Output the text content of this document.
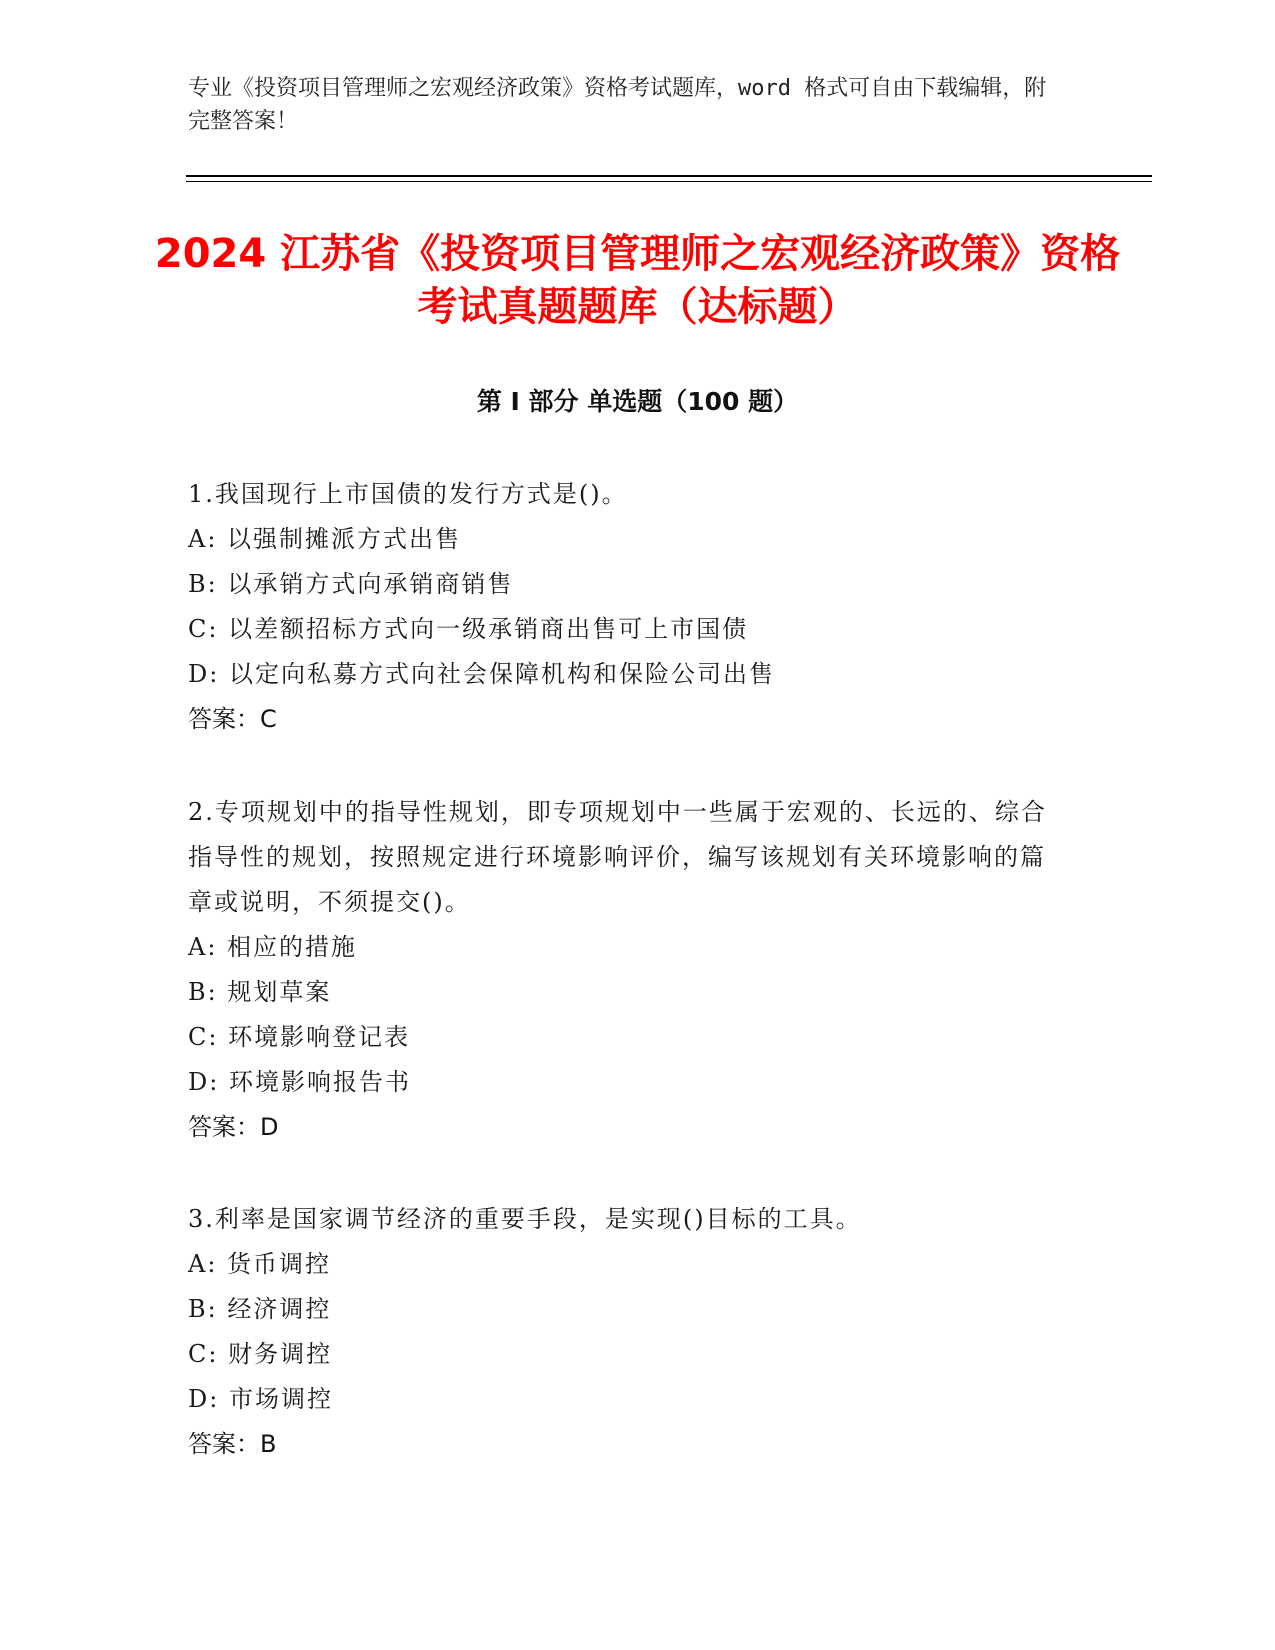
专业《投资项目管理师之宏观经济政策》资格考试题库，word 格式可自由下载编辑，附完整答案！

2024 江苏省《投资项目管理师之宏观经济政策》资格考试真题题库（达标题）
第 I 部分 单选题（100 题）

1.我国现行上市国债的发行方式是()。

A: 以强制摊派方式出售

B: 以承销方式向承销商销售

C: 以差额招标方式向一级承销商出售可上市国债

D: 以定向私募方式向社会保障机构和保险公司出售

答案：C

2.专项规划中的指导性规划，即专项规划中一些属于宏观的、长远的、综合指导性的规划，按照规定进行环境影响评价，编写该规划有关环境影响的篇章或说明，不须提交()。

A: 相应的措施

B: 规划草案

C: 环境影响登记表

D: 环境影响报告书

答案：D

3.利率是国家调节经济的重要手段，是实现()目标的工具。

A: 货币调控

B: 经济调控

C: 财务调控

D: 市场调控

答案：B
